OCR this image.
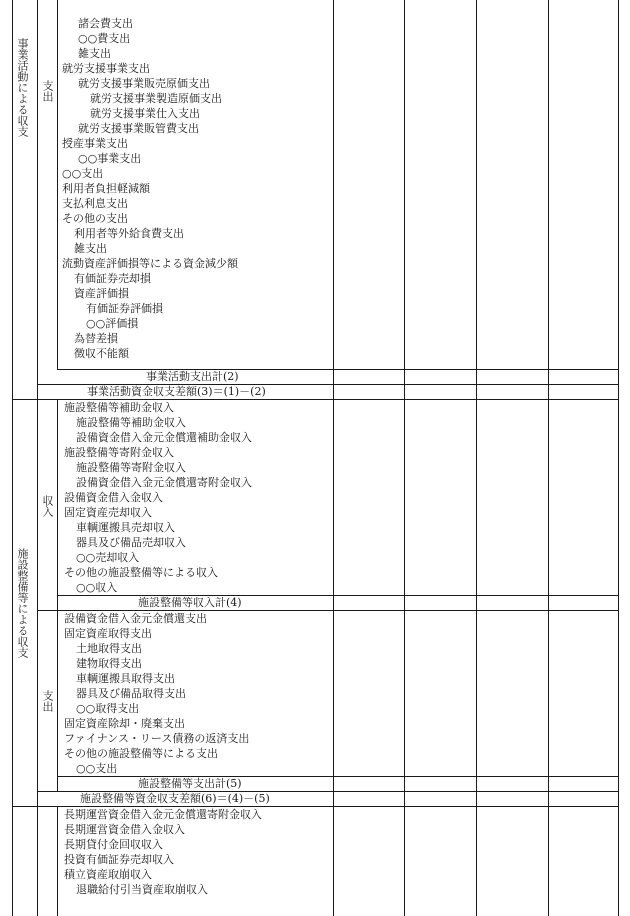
諸会費支出
○○費支出
雑支出
就労支援事業支出
就労支援事業販売原価支出
就労支援事業製造原価支出
就労支援事業仕入支出
就労支援事業販管費支出
授産事業支出
○○事業支出
○○支出
利用者負担軽減額
支払利息支出
その他の支出
利用者等外給食費支出
雑支出
流動資産評価損等による資金減少額
有価証券売却損
資産評価損
有価証券評価損
○○評価損
為替差損
徴収不能額
事業活動支出計(2)
事業活動資金収支差額(3)＝(1)－(2)
事業活動による収支 支出
施設整備等補助金収入
施設整備等補助金収入
設備資金借入金元金償還補助金収入
施設整備等寄附金収入
施設整備等寄附金収入
設備資金借入金元金償還寄附金収入
設備資金借入金収入
固定資産売却収入
車輌運搬具売却収入
器具及び備品売却収入
○○売却収入
その他の施設整備等による収入
○○収入
施設整備等収入計(4)
収入
設備資金借入金元金償還支出
固定資産取得支出
土地取得支出
建物取得支出
車輌運搬具取得支出
器具及び備品取得支出
○○取得支出
固定資産除却・廃棄支出
ファイナンス・リース債務の返済支出
その他の施設整備等による支出
○○支出
施設整備等支出計(5)
支出
施設整備等資金収支差額(6)＝(4)－(5)
施設整備等による収支
長期運営資金借入金元金償還寄附金収入
長期運営資金借入金収入
長期貸付金回収収入
投資有価証券売却収入
積立資産取崩収入
退職給付引当資産取崩収入
